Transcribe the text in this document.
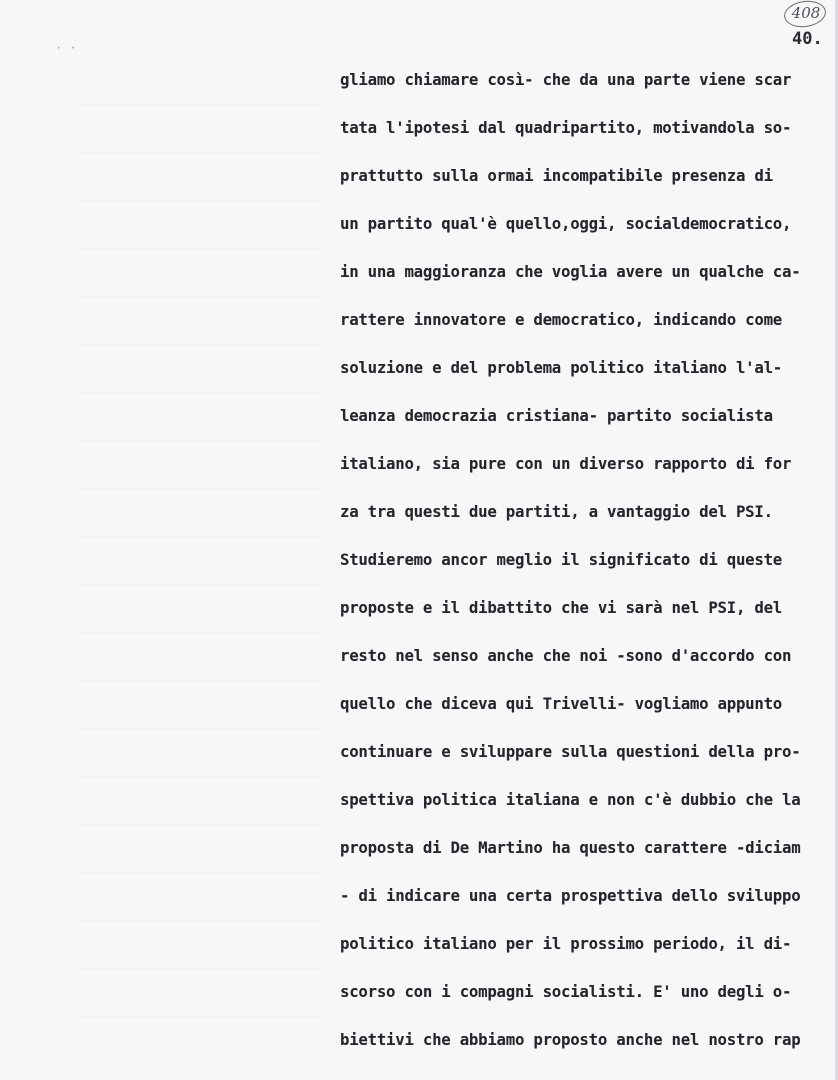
· ·
408
40.
gliamo chiamare così- che da una parte viene scar
tata l'ipotesi dal quadripartito, motivandola so-
prattutto sulla ormai incompatibile presenza di
un partito qual'è quello,oggi, socialdemocratico,
in una maggioranza che voglia avere un qualche ca-
rattere innovatore e democratico, indicando come
soluzione e del problema politico italiano l'al-
leanza democrazia cristiana- partito socialista
italiano, sia pure con un diverso rapporto di for
za tra questi due partiti, a vantaggio del PSI.
Studieremo ancor meglio il significato di queste
proposte e il dibattito che vi sarà nel PSI, del
resto nel senso anche che noi -sono d'accordo con
quello che diceva qui Trivelli- vogliamo appunto
continuare e sviluppare sulla questioni della pro-
spettiva politica italiana e non c'è dubbio che la
proposta di De Martino ha questo carattere -diciam
- di indicare una certa prospettiva dello sviluppo
politico italiano per il prossimo periodo, il di-
scorso con i compagni socialisti. E' uno degli o-
biettivi che abbiamo proposto anche nel nostro rap
